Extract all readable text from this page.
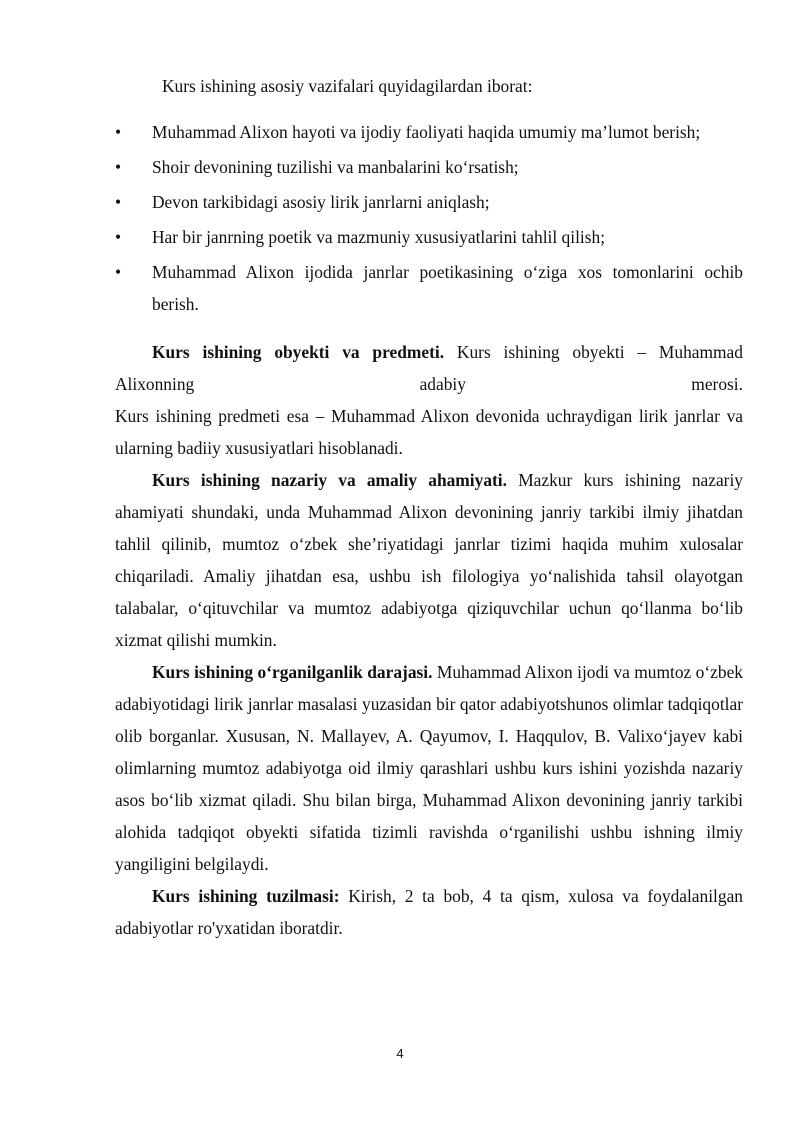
Kurs ishining asosiy vazifalari quyidagilardan iborat:

• Muhammad Alixon hayoti va ijodiy faoliyati haqida umumiy ma’lumot berish;
• Shoir devonining tuzilishi va manbalarini ko‘rsatish;
• Devon tarkibidagi asosiy lirik janrlarni aniqlash;
• Har bir janrning poetik va mazmuniy xususiyatlarini tahlil qilish;
• Muhammad Alixon ijodida janrlar poetikasining o‘ziga xos tomonlarini ochib berish.

Kurs ishining obyekti va predmeti. Kurs ishining obyekti – Muhammad Alixonning adabiy merosi.
Kurs ishining predmeti esa – Muhammad Alixon devonida uchraydigan lirik janrlar va ularning badiiy xususiyatlari hisoblanadi.

Kurs ishining nazariy va amaliy ahamiyati. Mazkur kurs ishining nazariy ahamiyati shundaki, unda Muhammad Alixon devonining janriy tarkibi ilmiy jihatdan tahlil qilinib, mumtoz o‘zbek she’riyatidagi janrlar tizimi haqida muhim xulosalar chiqariladi. Amaliy jihatdan esa, ushbu ish filologiya yo‘nalishida tahsil olayotgan talabalar, o‘qituvchilar va mumtoz adabiyotga qiziquvchilar uchun qo‘llanma bo‘lib xizmat qilishi mumkin.

Kurs ishining o‘rganilganlik darajasi. Muhammad Alixon ijodi va mumtoz o‘zbek adabiyotidagi lirik janrlar masalasi yuzasidan bir qator adabiyotshunos olimlar tadqiqotlar olib borganlar. Xususan, N. Mallayev, A. Qayumov, I. Haqqulov, B. Valixo‘jayev kabi olimlarning mumtoz adabiyotga oid ilmiy qarashlari ushbu kurs ishini yozishda nazariy asos bo‘lib xizmat qiladi. Shu bilan birga, Muhammad Alixon devonining janriy tarkibi alohida tadqiqot obyekti sifatida tizimli ravishda o‘rganilishi ushbu ishning ilmiy yangiligini belgilaydi.

Kurs ishining tuzilmasi: Kirish, 2 ta bob, 4 ta qism, xulosa va foydalanilgan adabiyotlar ro'yxatidan iboratdir.

4
